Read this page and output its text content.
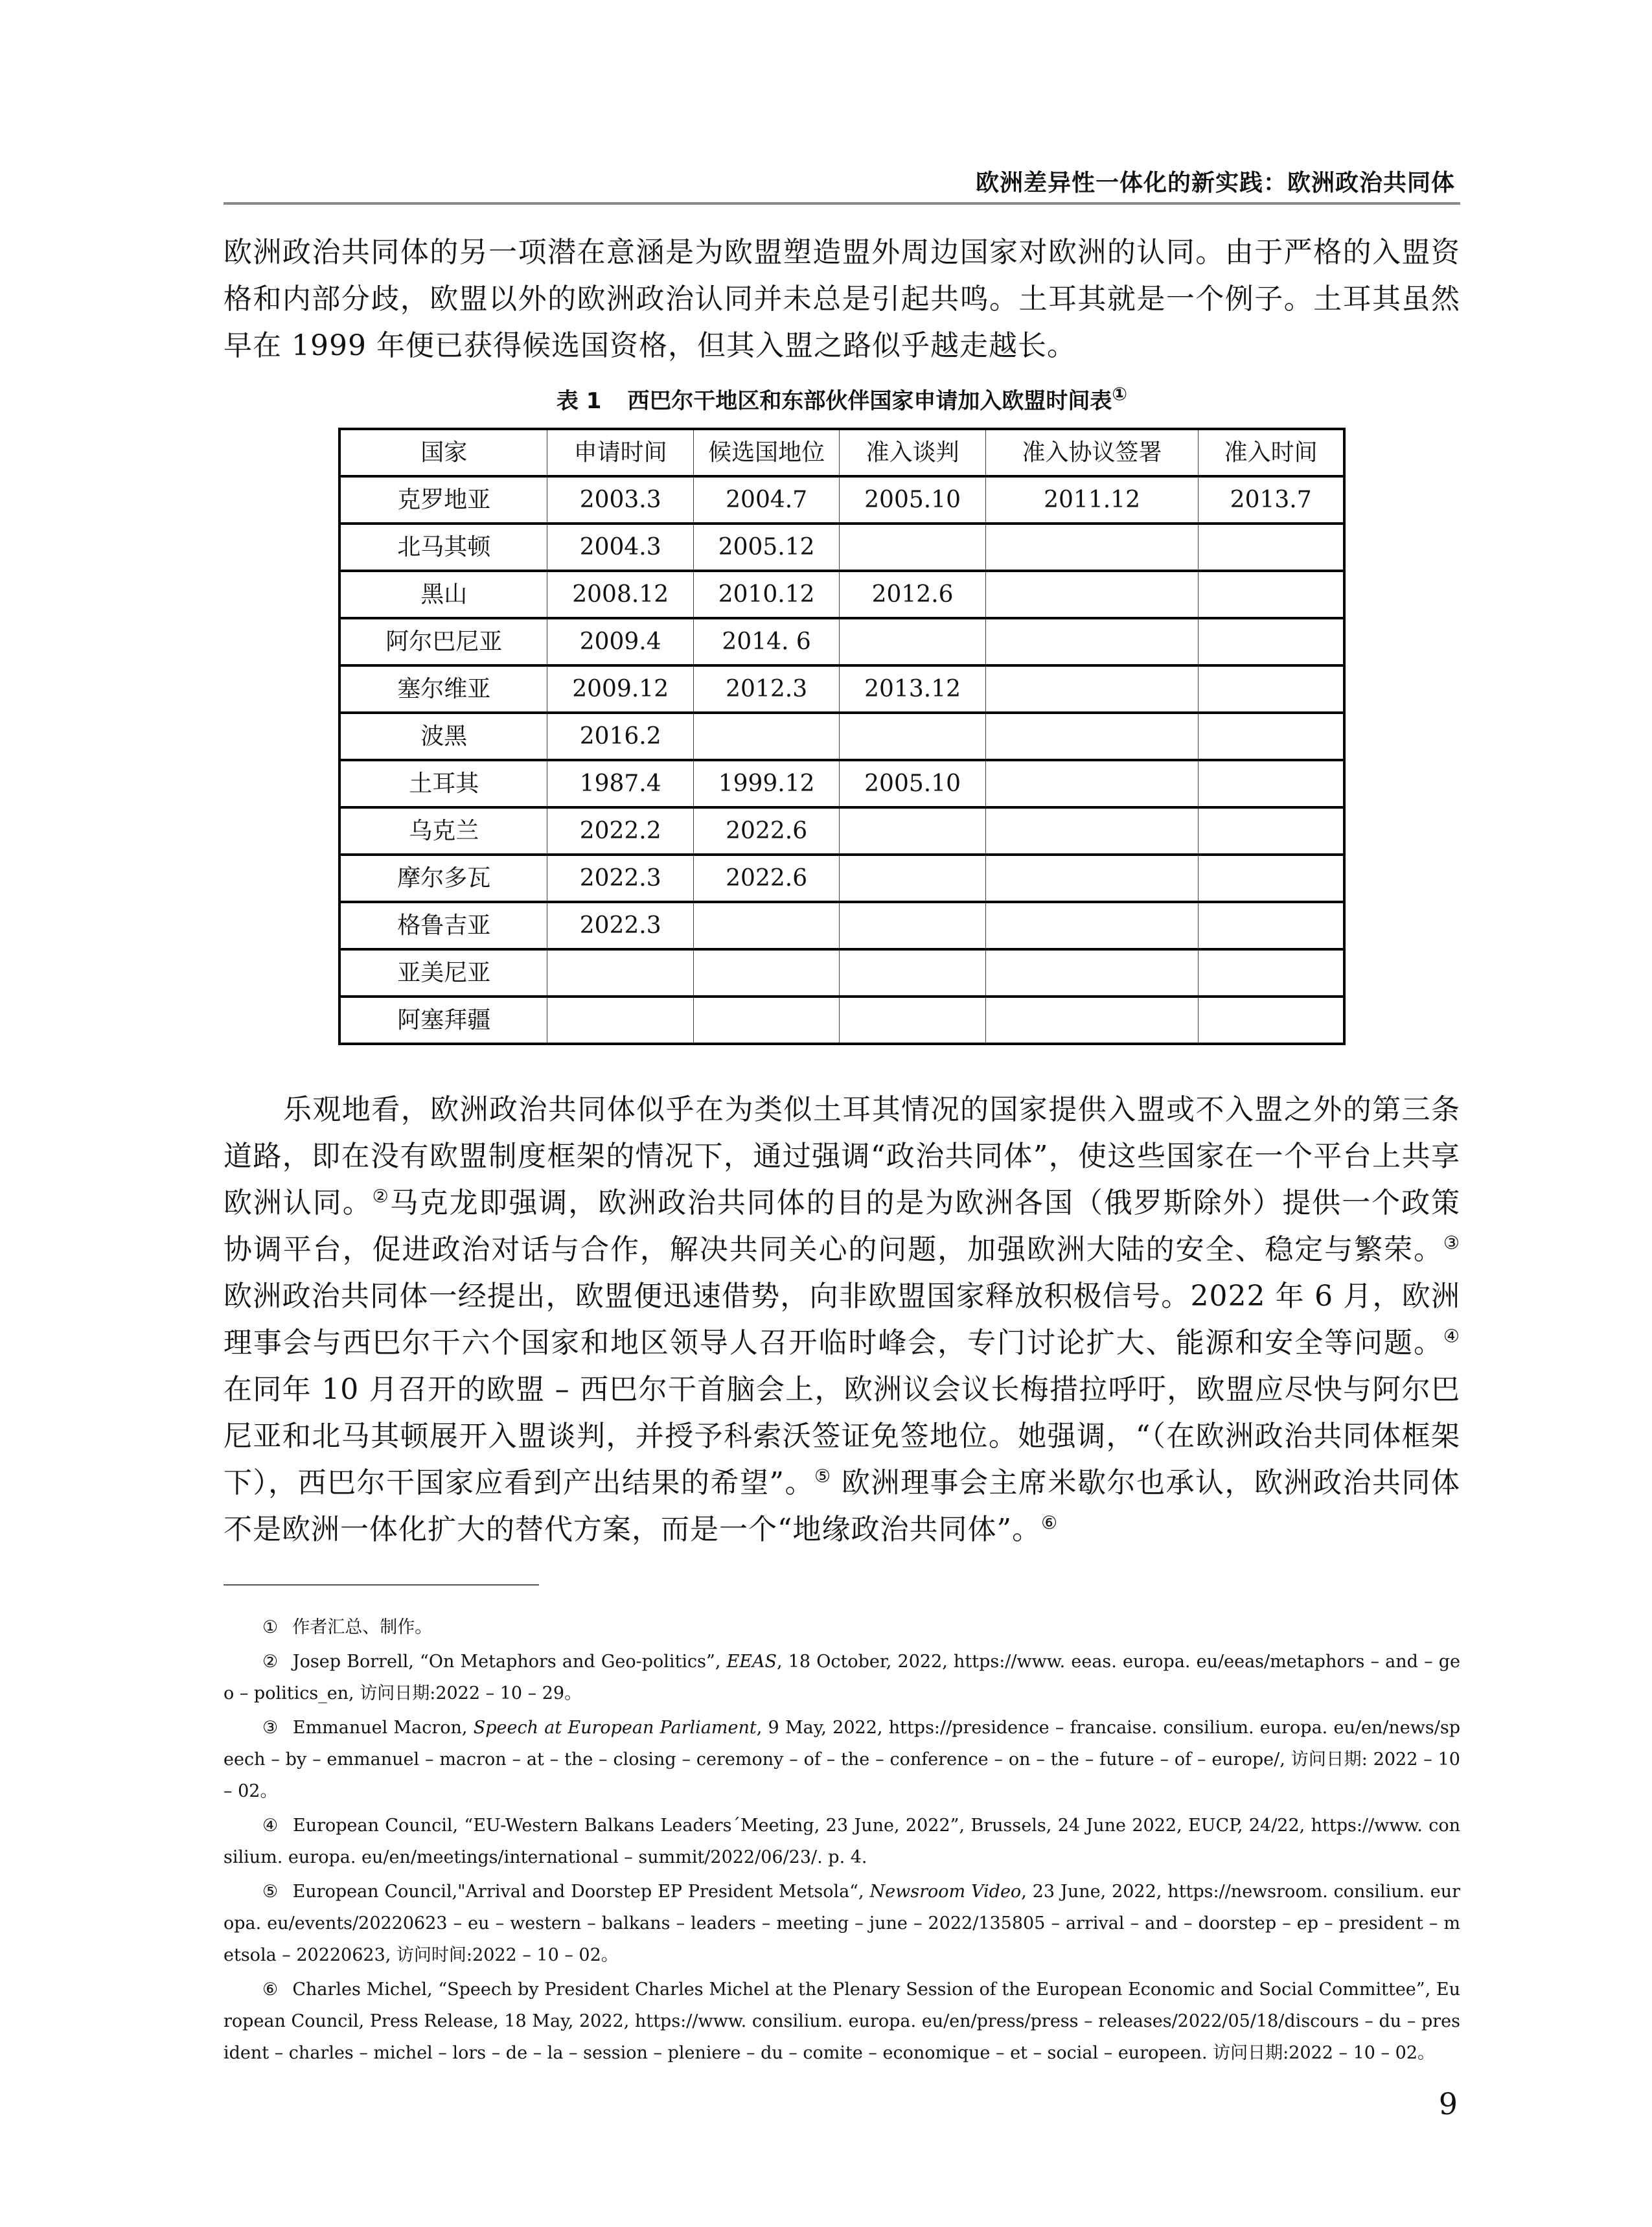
欧洲差异性一体化的新实践：欧洲政治共同体

欧洲政治共同体的另一项潜在意涵是为欧盟塑造盟外周边国家对欧洲的认同。由于严格的入盟资格和内部分歧，欧盟以外的欧洲政治认同并未总是引起共鸣。土耳其就是一个例子。土耳其虽然早在 1999 年便已获得候选国资格，但其入盟之路似乎越走越长。

表 1 西巴尔干地区和东部伙伴国家申请加入欧盟时间表①
国家	申请时间	候选国地位	准入谈判	准入协议签署	准入时间
克罗地亚	2003.3	2004.7	2005.10	2011.12	2013.7
北马其顿	2004.3	2005.12			
黑山	2008.12	2010.12	2012.6		
阿尔巴尼亚	2009.4	2014. 6			
塞尔维亚	2009.12	2012.3	2013.12		
波黑	2016.2				
土耳其	1987.4	1999.12	2005.10		
乌克兰	2022.2	2022.6			
摩尔多瓦	2022.3	2022.6			
格鲁吉亚	2022.3				
亚美尼亚					
阿塞拜疆					

乐观地看，欧洲政治共同体似乎在为类似土耳其情况的国家提供入盟或不入盟之外的第三条道路，即在没有欧盟制度框架的情况下，通过强调“政治共同体”，使这些国家在一个平台上共享欧洲认同。②马克龙即强调，欧洲政治共同体的目的是为欧洲各国（俄罗斯除外）提供一个政策协调平台，促进政治对话与合作，解决共同关心的问题，加强欧洲大陆的安全、稳定与繁荣。③ 欧洲政治共同体一经提出，欧盟便迅速借势，向非欧盟国家释放积极信号。2022 年 6 月，欧洲理事会与西巴尔干六个国家和地区领导人召开临时峰会，专门讨论扩大、能源和安全等问题。④ 在同年 10 月召开的欧盟 – 西巴尔干首脑会上，欧洲议会议长梅措拉呼吁，欧盟应尽快与阿尔巴尼亚和北马其顿展开入盟谈判，并授予科索沃签证免签地位。她强调，“（在欧洲政治共同体框架下），西巴尔干国家应看到产出结果的希望”。⑤ 欧洲理事会主席米歇尔也承认，欧洲政治共同体不是欧洲一体化扩大的替代方案，而是一个“地缘政治共同体”。⑥

① 作者汇总、制作。

② Josep Borrell, “On Metaphors and Geo-politics”, EEAS, 18 October, 2022, https://www. eeas. europa. eu/eeas/metaphors – and – geo – politics_en, 访问日期:2022 – 10 – 29。

③ Emmanuel Macron, Speech at European Parliament, 9 May, 2022, https://presidence – francaise. consilium. europa. eu/en/news/speech – by – emmanuel – macron – at – the – closing – ceremony – of – the – conference – on – the – future – of – europe/, 访问日期: 2022 – 10 – 02。

④ European Council, “EU-Western Balkans Leaders´Meeting, 23 June, 2022”, Brussels, 24 June 2022, EUCP, 24/22, https://www. consilium. europa. eu/en/meetings/international – summit/2022/06/23/. p. 4.

⑤ European Council,"Arrival and Doorstep EP President Metsola“, Newsroom Video, 23 June, 2022, https://newsroom. consilium. europa. eu/events/20220623 – eu – western – balkans – leaders – meeting – june – 2022/135805 – arrival – and – doorstep – ep – president – metsola – 20220623, 访问时间:2022 – 10 – 02。

⑥ Charles Michel, “Speech by President Charles Michel at the Plenary Session of the European Economic and Social Committee”, European Council, Press Release, 18 May, 2022, https://www. consilium. europa. eu/en/press/press – releases/2022/05/18/discours – du – president – charles – michel – lors – de – la – session – pleniere – du – comite – economique – et – social – europeen. 访问日期:2022 – 10 – 02。

9
